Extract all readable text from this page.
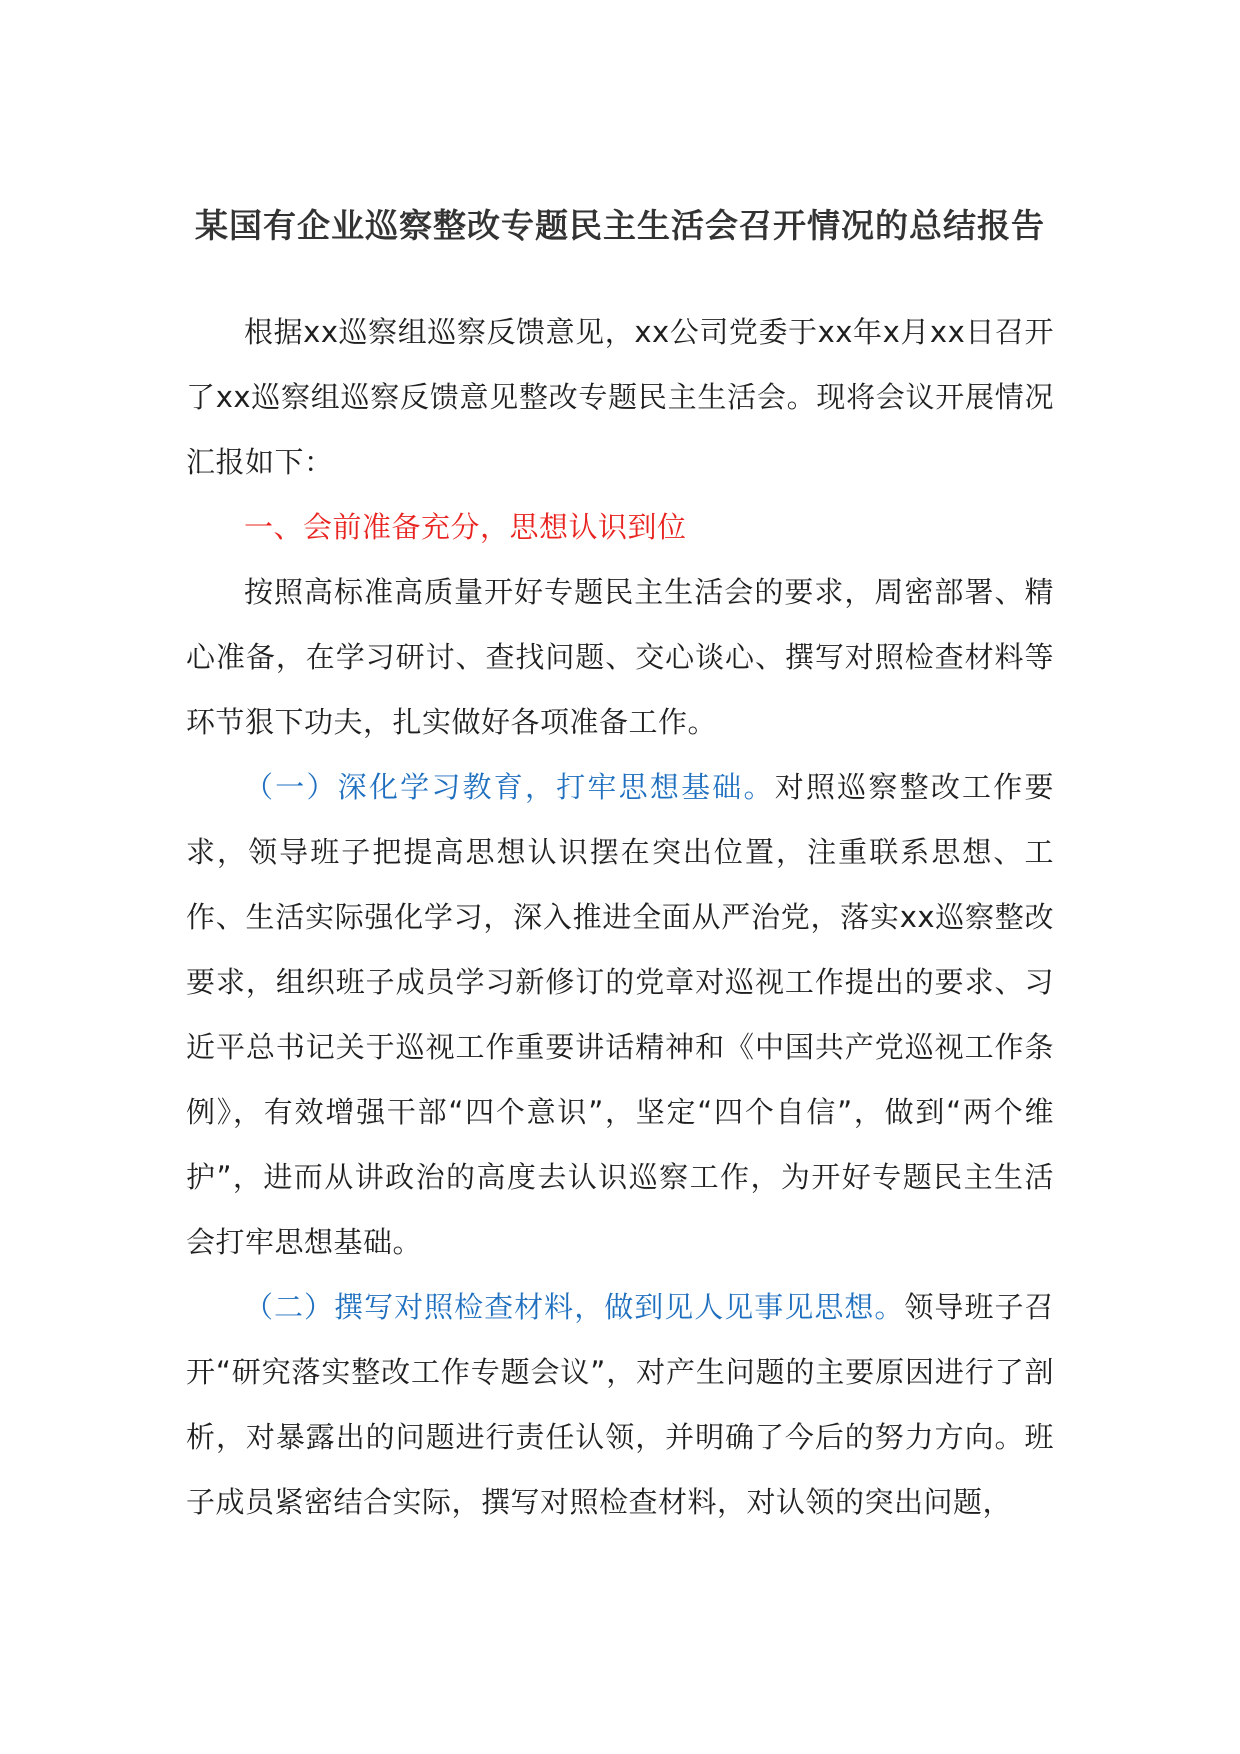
某国有企业巡察整改专题民主生活会召开情况的总结报告

根据xx巡察组巡察反馈意见，xx公司党委于xx年x月xx日召开了xx巡察组巡察反馈意见整改专题民主生活会。现将会议开展情况汇报如下：

一、会前准备充分，思想认识到位

按照高标准高质量开好专题民主生活会的要求，周密部署、精心准备，在学习研讨、查找问题、交心谈心、撰写对照检查材料等环节狠下功夫，扎实做好各项准备工作。

（一）深化学习教育，打牢思想基础。对照巡察整改工作要求，领导班子把提高思想认识摆在突出位置，注重联系思想、工作、生活实际强化学习，深入推进全面从严治党，落实xx巡察整改要求，组织班子成员学习新修订的党章对巡视工作提出的要求、习近平总书记关于巡视工作重要讲话精神和《中国共产党巡视工作条例》，有效增强干部“四个意识”，坚定“四个自信”，做到“两个维护”，进而从讲政治的高度去认识巡察工作，为开好专题民主生活会打牢思想基础。

（二）撰写对照检查材料，做到见人见事见思想。领导班子召开“研究落实整改工作专题会议”，对产生问题的主要原因进行了剖析，对暴露出的问题进行责任认领，并明确了今后的努力方向。班子成员紧密结合实际，撰写对照检查材料，对认领的突出问题，
